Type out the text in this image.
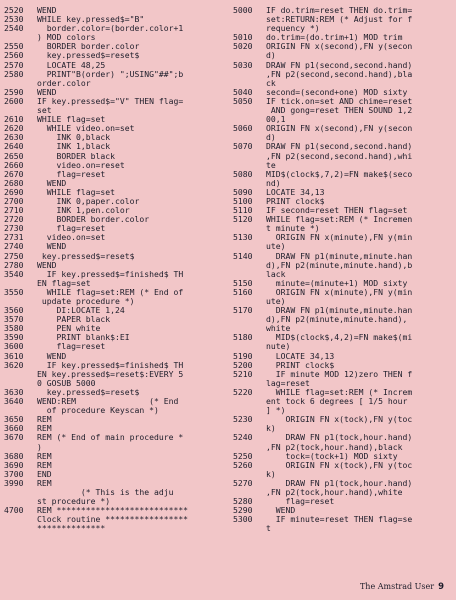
2520	WEND
2530	WHILE key.pressed$="B"
2540	border.color=(border.color+1
) MOD colors
2550	BORDER border.color
2560	key.pressed$=reset$
2570	LOCATE 48,25
2580	PRINT"B(order) ";USING"##";b
order.color
2590	WEND
2600	IF key.pressed$="V" THEN flag=
set
2610	WHILE flag=set
2620	WHILE video.on=set
2630	INK 0,black
2640	INK 1,black
2650	BORDER black
2660	video.on=reset
2670	flag=reset
2680	WEND
2690	WHILE flag=set
2700	INK 0,paper.color
2710	INK 1,pen.color
2720	BORDER border.color
2730	flag=reset
2731	video.on=set
2740	WEND
2750	key.pressed$=reset$
2780	WEND
3540	IF key.pressed$=finished$ TH
EN flag=set
3550	WHILE flag=set:REM (* End of
update procedure *)
3560	DI:LOCATE 1,24
3570	PAPER black
3580	PEN white
3590	PRINT blank$:EI
3600	flag=reset
3610	WEND
3620	IF key.pressed$=finished$ TH
EN key.pressed$=reset$:EVERY 5
0 GOSUB 5000
3630	key.pressed$=reset$
3640	WEND:REM               (* End
of procedure Keyscan *)
3650	REM
3660	REM
3670	REM (* End of main procedure *
)
3680	REM
3690	REM
3700	END
3990	REM
(* This is the adju
st procedure *)
4700	REM ***************************
Clock routine *****************
**************
5000	IF do.trim=reset THEN do.trim=
set:RETURN:REM (* Adjust for f
requency *)
5010	do.trim=(do.trim+1) MOD trim
5020	ORIGIN FN x(second),FN y(secon
d)
5030	DRAW FN p1(second,second.hand)
,FN p2(second,second.hand),bla
ck
5040	second=(second+one) MOD sixty
5050	IF tick.on=set AND chime=reset
AND gong=reset THEN SOUND 1,2
00,1
5060	ORIGIN FN x(second),FN y(secon
d)
5070	DRAW FN p1(second,second.hand)
,FN p2(second,second.hand),whi
te
5080	MID$(clock$,7,2)=FN make$(seco
nd)
5090	LOCATE 34,13
5100	PRINT clock$
5110	IF second=reset THEN flag=set
5120	WHILE flag=set:REM (* Incremen
t minute *)
5130	ORIGIN FN x(minute),FN y(min
ute)
5140	DRAW FN p1(minute,minute.han
d),FN p2(minute,minute.hand),b
lack
5150	minute=(minute+1) MOD sixty
5160	ORIGIN FN x(minute),FN y(min
ute)
5170	DRAW FN p1(minute,minute.han
d),FN p2(minute,minute.hand),
white
5180	MID$(clock$,4,2)=FN make$(mi
nute)
5190	LOCATE 34,13
5200	PRINT clock$
5210	IF minute MOD 12)zero THEN f
lag=reset
5220	WHILE flag=set:REM (* Increm
ent tock 6 degrees [ 1/5 hour
] *)
5230	ORIGIN FN x(tock),FN y(toc
k)
5240	DRAW FN p1(tock,hour.hand)
,FN p2(tock,hour.hand),black
5250	tock=(tock+1) MOD sixty
5260	ORIGIN FN x(tock),FN y(toc
k)
5270	DRAW FN p1(tock,hour.hand)
,FN p2(tock,hour.hand),white
5280	flag=reset
5290	WEND
5300	IF minute=reset THEN flag=se
t
The Amstrad User 9
